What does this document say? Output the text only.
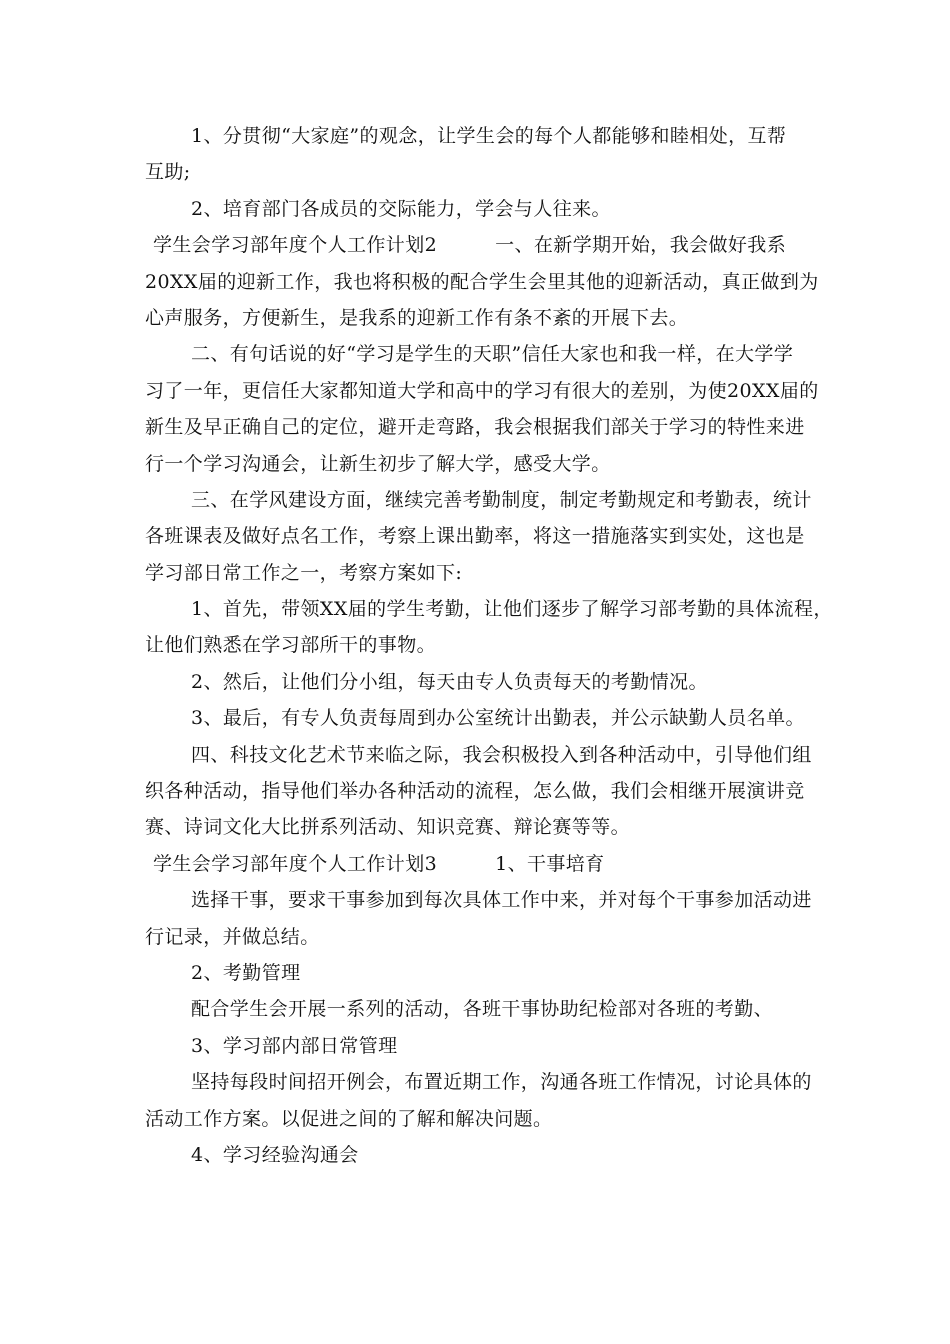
1、分贯彻“大家庭”的观念，让学生会的每个人都能够和睦相处，互帮
互助;
2、培育部门各成员的交际能力，学会与人往来。
学生会学习部年度个人工作计划2	一、在新学期开始，我会做好我系
20XX届的迎新工作，我也将积极的配合学生会里其他的迎新活动，真正做到为
心声服务，方便新生，是我系的迎新工作有条不紊的开展下去。
二、有句话说的好“学习是学生的天职”信任大家也和我一样，在大学学
习了一年，更信任大家都知道大学和高中的学习有很大的差别，为使20XX届的
新生及早正确自己的定位，避开走弯路，我会根据我们部关于学习的特性来进
行一个学习沟通会，让新生初步了解大学，感受大学。
三、在学风建设方面，继续完善考勤制度，制定考勤规定和考勤表，统计
各班课表及做好点名工作，考察上课出勤率，将这一措施落实到实处，这也是
学习部日常工作之一，考察方案如下:
1、首先，带领XX届的学生考勤，让他们逐步了解学习部考勤的具体流程，
让他们熟悉在学习部所干的事物。
2、然后，让他们分小组，每天由专人负责每天的考勤情况。
3、最后，有专人负责每周到办公室统计出勤表，并公示缺勤人员名单。
四、科技文化艺术节来临之际，我会积极投入到各种活动中，引导他们组
织各种活动，指导他们举办各种活动的流程，怎么做，我们会相继开展演讲竞
赛、诗词文化大比拼系列活动、知识竞赛、辩论赛等等。
学生会学习部年度个人工作计划3	1、干事培育
选择干事，要求干事参加到每次具体工作中来，并对每个干事参加活动进
行记录，并做总结。
2、考勤管理
配合学生会开展一系列的活动，各班干事协助纪检部对各班的考勤、
3、学习部内部日常管理
坚持每段时间招开例会，布置近期工作，沟通各班工作情况，讨论具体的
活动工作方案。以促进之间的了解和解决问题。
4、学习经验沟通会
